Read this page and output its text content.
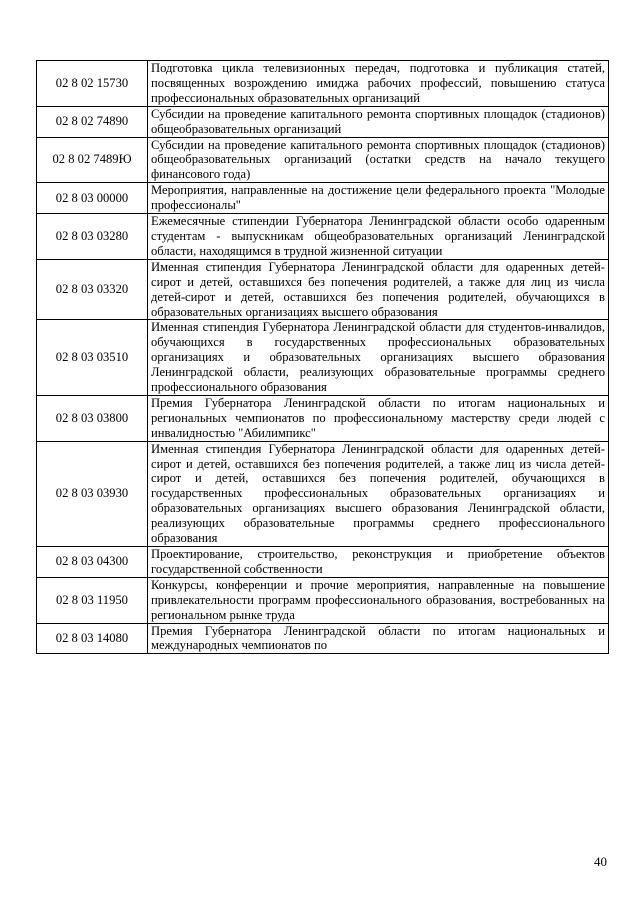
02 8 02 15730	Подготовка цикла телевизионных передач, подготовка и публикация статей, посвященных возрождению имиджа рабочих профессий, повышению статуса профессиональных образовательных организаций
02 8 02 74890	Субсидии на проведение капитального ремонта спортивных площадок (стадионов) общеобразовательных организаций
02 8 02 7489Ю	Субсидии на проведение капитального ремонта спортивных площадок (стадионов) общеобразовательных организаций (остатки средств на начало текущего финансового года)
02 8 03 00000	Мероприятия, направленные на достижение цели федерального проекта "Молодые профессионалы"
02 8 03 03280	Ежемесячные стипендии Губернатора Ленинградской области особо одаренным студентам - выпускникам общеобразовательных организаций Ленинградской области, находящимся в трудной жизненной ситуации
02 8 03 03320	Именная стипендия Губернатора Ленинградской области для одаренных детей-сирот и детей, оставшихся без попечения родителей, а также для лиц из числа детей-сирот и детей, оставшихся без попечения родителей, обучающихся в образовательных организациях высшего образования
02 8 03 03510	Именная стипендия Губернатора Ленинградской области для студентов-инвалидов, обучающихся в государственных профессиональных образовательных организациях и образовательных организациях высшего образования Ленинградской области, реализующих образовательные программы среднего профессионального образования
02 8 03 03800	Премия Губернатора Ленинградской области по итогам национальных и региональных чемпионатов по профессиональному мастерству среди людей с инвалидностью "Абилимпикс"
02 8 03 03930	Именная стипендия Губернатора Ленинградской области для одаренных детей-сирот и детей, оставшихся без попечения родителей, а также лиц из числа детей-сирот и детей, оставшихся без попечения родителей, обучающихся в государственных профессиональных образовательных организациях и образовательных организациях высшего образования Ленинградской области, реализующих образовательные программы среднего профессионального образования
02 8 03 04300	Проектирование, строительство, реконструкция и приобретение объектов государственной собственности
02 8 03 11950	Конкурсы, конференции и прочие мероприятия, направленные на повышение привлекательности программ профессионального образования, востребованных на региональном рынке труда
02 8 03 14080	Премия Губернатора Ленинградской области по итогам национальных и международных чемпионатов по
40
